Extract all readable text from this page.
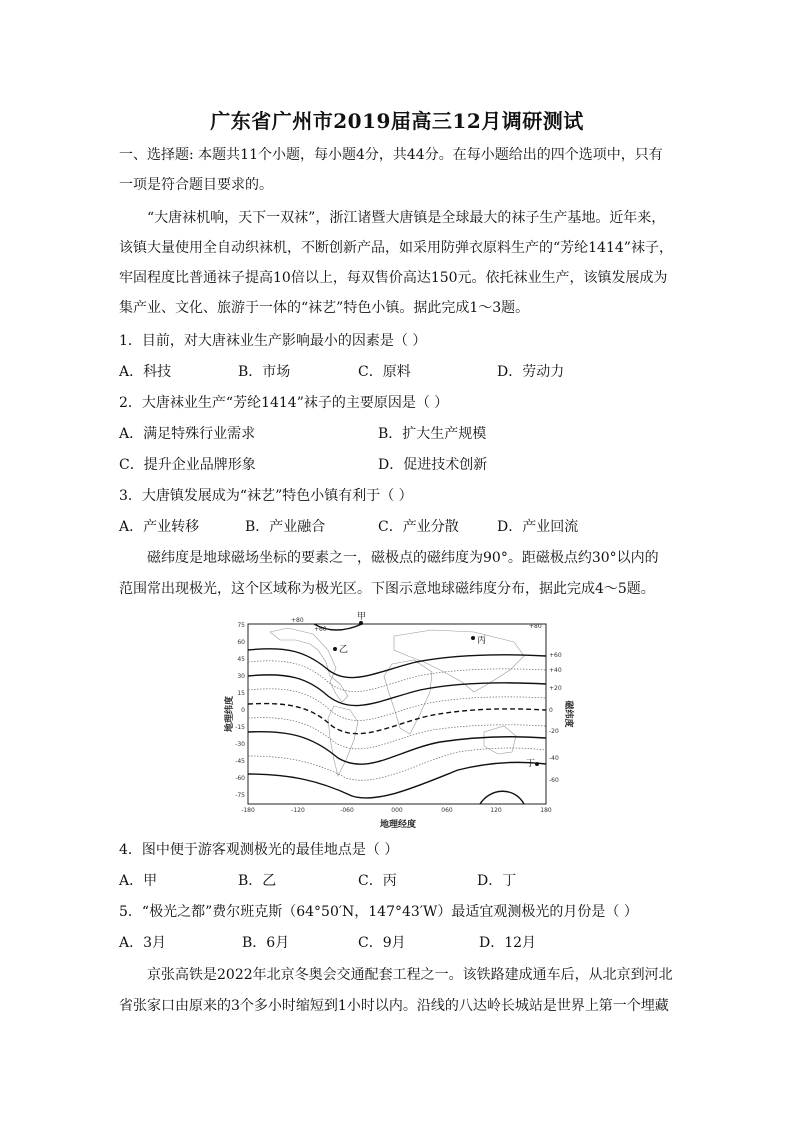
广东省广州市2019届高三12月调研测试
一、选择题: 本题共11个小题，每小题4分，共44分。在每小题给出的四个选项中，只有
一项是符合题目要求的。
“大唐袜机响，天下一双袜”，浙江诸暨大唐镇是全球最大的袜子生产基地。近年来，
该镇大量使用全自动织袜机，不断创新产品，如采用防弹衣原料生产的“芳纶1414”袜子，
牢固程度比普通袜子提高10倍以上，每双售价高达150元。依托袜业生产，该镇发展成为
集产业、文化、旅游于一体的“袜艺”特色小镇。据此完成1～3题。
1．目前，对大唐袜业生产影响最小的因素是（ ）
A．科技	B．市场	C．原料	D．劳动力
2．大唐袜业生产“芳纶1414”袜子的主要原因是（ ）
A．满足特殊行业需求	B．扩大生产规模
C．提升企业品牌形象	D．促进技术创新
3．大唐镇发展成为“袜艺”特色小镇有利于（ ）
A．产业转移	B．产业融合	C．产业分散	D．产业回流
磁纬度是地球磁场坐标的要素之一，磁极点的磁纬度为90°。距磁极点约30°以内的
范围常出现极光，这个区域称为极光区。下图示意地球磁纬度分布，据此完成4～5题。
甲
乙
丙
丁
75
60
45
30
15
0
-15
-30
-45
-60
-75
+60
+40
+20
0
-20
-40
-60
+80
+60	+80
-180	-120	-060	000	060	120	180
地理经度
地理纬度	磁纬度
4．图中便于游客观测极光的最佳地点是（ ）
A．甲	B．乙	C．丙	D．丁
5．“极光之都”费尔班克斯（64°50′N，147°43′W）最适宜观测极光的月份是（ ）
A．3月	B．6月	C．9月	D．12月
京张高铁是2022年北京冬奥会交通配套工程之一。该铁路建成通车后，从北京到河北
省张家口由原来的3个多小时缩短到1小时以内。沿线的八达岭长城站是世界上第一个埋藏
